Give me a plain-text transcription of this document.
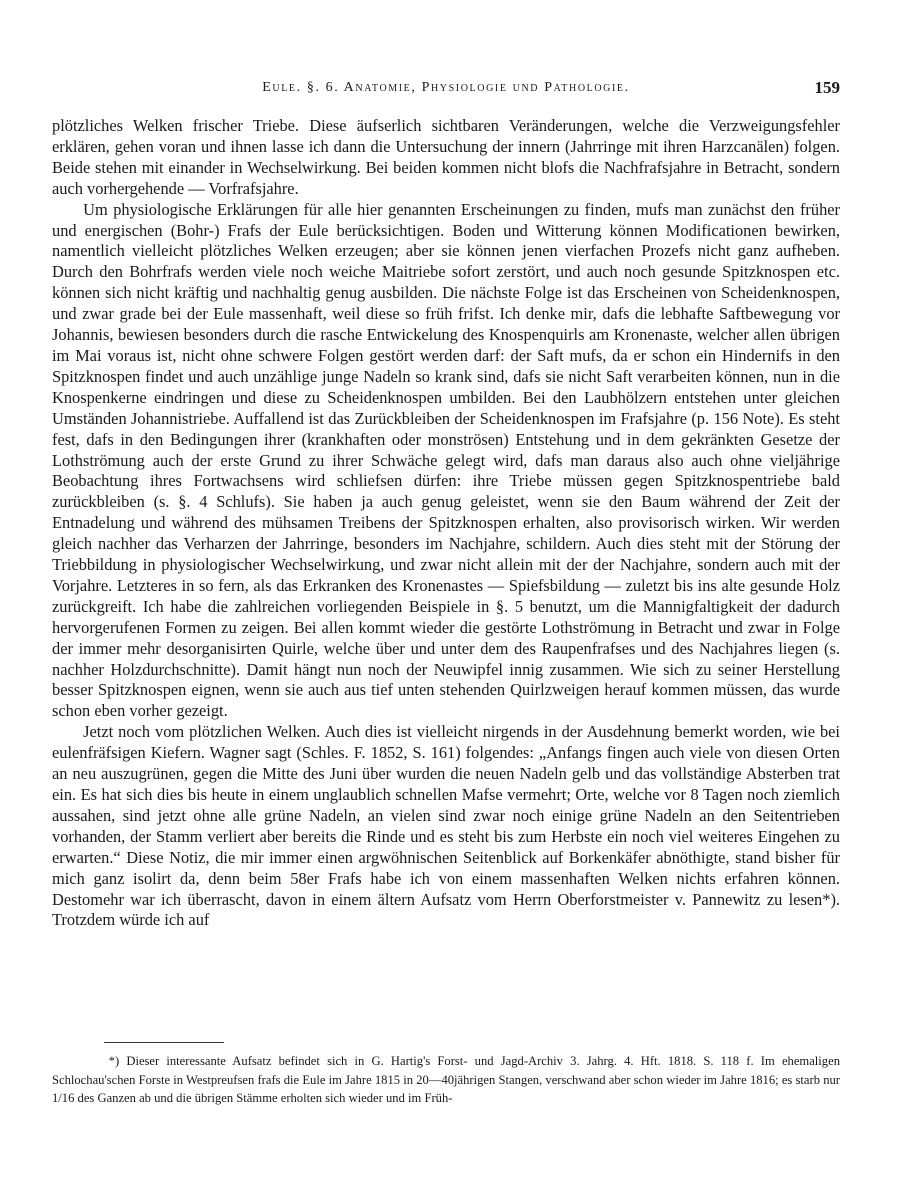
Eule. §. 6. Anatomie, Physiologie und Pathologie.	159

plötzliches Welken frischer Triebe. Diese äufserlich sichtbaren Veränderungen, welche die Verzweigungsfehler erklären, gehen voran und ihnen lasse ich dann die Untersuchung der innern (Jahrringe mit ihren Harzcanälen) folgen. Beide stehen mit einander in Wechselwirkung. Bei beiden kommen nicht blofs die Nachfrafsjahre in Betracht, sondern auch vorhergehende — Vorfrafsjahre.

Um physiologische Erklärungen für alle hier genannten Erscheinungen zu finden, mufs man zunächst den früher und energischen (Bohr-) Frafs der Eule berücksichtigen. Boden und Witterung können Modificationen bewirken, namentlich vielleicht plötzliches Welken erzeugen; aber sie können jenen vierfachen Prozefs nicht ganz aufheben. Durch den Bohrfrafs werden viele noch weiche Maitriebe sofort zerstört, und auch noch gesunde Spitzknospen etc. können sich nicht kräftig und nachhaltig genug ausbilden. Die nächste Folge ist das Erscheinen von Scheidenknospen, und zwar grade bei der Eule massenhaft, weil diese so früh frifst. Ich denke mir, dafs die lebhafte Saftbewegung vor Johannis, bewiesen besonders durch die rasche Entwickelung des Knospenquirls am Kronenaste, welcher allen übrigen im Mai voraus ist, nicht ohne schwere Folgen gestört werden darf: der Saft mufs, da er schon ein Hindernifs in den Spitzknospen findet und auch unzählige junge Nadeln so krank sind, dafs sie nicht Saft verarbeiten können, nun in die Knospenkerne eindringen und diese zu Scheidenknospen umbilden. Bei den Laubhölzern entstehen unter gleichen Umständen Johannistriebe. Auffallend ist das Zurückbleiben der Scheidenknospen im Frafsjahre (p. 156 Note). Es steht fest, dafs in den Bedingungen ihrer (krankhaften oder monströsen) Entstehung und in dem gekränkten Gesetze der Lothströmung auch der erste Grund zu ihrer Schwäche gelegt wird, dafs man daraus also auch ohne vieljährige Beobachtung ihres Fortwachsens wird schliefsen dürfen: ihre Triebe müssen gegen Spitzknospentriebe bald zurückbleiben (s. §. 4 Schlufs). Sie haben ja auch genug geleistet, wenn sie den Baum während der Zeit der Entnadelung und während des mühsamen Treibens der Spitzknospen erhalten, also provisorisch wirken. Wir werden gleich nachher das Verharzen der Jahrringe, besonders im Nachjahre, schildern. Auch dies steht mit der Störung der Triebbildung in physiologischer Wechselwirkung, und zwar nicht allein mit der der Nachjahre, sondern auch mit der Vorjahre. Letzteres in so fern, als das Erkranken des Kronenastes — Spiefsbildung — zuletzt bis ins alte gesunde Holz zurückgreift. Ich habe die zahlreichen vorliegenden Beispiele in §. 5 benutzt, um die Mannigfaltigkeit der dadurch hervorgerufenen Formen zu zeigen. Bei allen kommt wieder die gestörte Lothströmung in Betracht und zwar in Folge der immer mehr desorganisirten Quirle, welche über und unter dem des Raupenfrafses und des Nachjahres liegen (s. nachher Holzdurchschnitte). Damit hängt nun noch der Neuwipfel innig zusammen. Wie sich zu seiner Herstellung besser Spitzknospen eignen, wenn sie auch aus tief unten stehenden Quirlzweigen herauf kommen müssen, das wurde schon eben vorher gezeigt.

Jetzt noch vom plötzlichen Welken. Auch dies ist vielleicht nirgends in der Ausdehnung bemerkt worden, wie bei eulenfräfsigen Kiefern. Wagner sagt (Schles. F. 1852, S. 161) folgendes: „Anfangs fingen auch viele von diesen Orten an neu auszugrünen, gegen die Mitte des Juni über wurden die neuen Nadeln gelb und das vollständige Absterben trat ein. Es hat sich dies bis heute in einem unglaublich schnellen Mafse vermehrt; Orte, welche vor 8 Tagen noch ziemlich aussahen, sind jetzt ohne alle grüne Nadeln, an vielen sind zwar noch einige grüne Nadeln an den Seitentrieben vorhanden, der Stamm verliert aber bereits die Rinde und es steht bis zum Herbste ein noch viel weiteres Eingehen zu erwarten.“ Diese Notiz, die mir immer einen argwöhnischen Seitenblick auf Borkenkäfer abnöthigte, stand bisher für mich ganz isolirt da, denn beim 58er Frafs habe ich von einem massenhaften Welken nichts erfahren können. Destomehr war ich überrascht, davon in einem ältern Aufsatz vom Herrn Oberforstmeister v. Pannewitz zu lesen*). Trotzdem würde ich auf

*) Dieser interessante Aufsatz befindet sich in G. Hartig's Forst- und Jagd-Archiv 3. Jahrg. 4. Hft. 1818. S. 118 f. Im ehemaligen Schlochau'schen Forste in Westpreufsen frafs die Eule im Jahre 1815 in 20—40jährigen Stangen, verschwand aber schon wieder im Jahre 1816; es starb nur 1/16 des Ganzen ab und die übrigen Stämme erholten sich wieder und im Früh-
